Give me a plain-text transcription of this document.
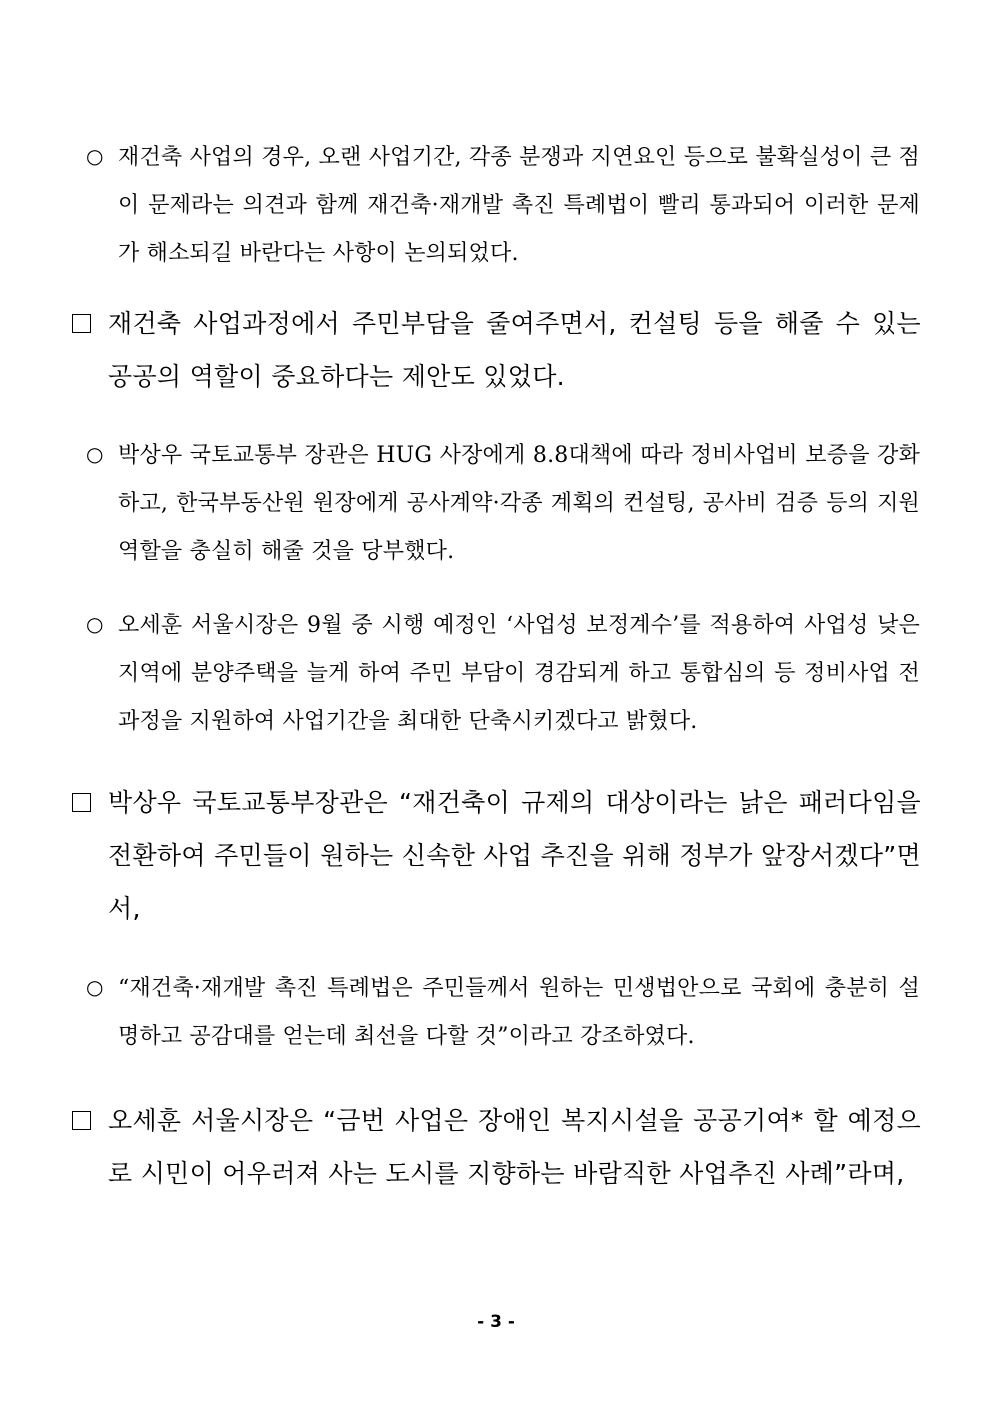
○ 재건축 사업의 경우, 오랜 사업기간, 각종 분쟁과 지연요인 등으로 불확실성이 큰 점이 문제라는 의견과 함께 재건축·재개발 촉진 특례법이 빨리 통과되어 이러한 문제가 해소되길 바란다는 사항이 논의되었다.
재건축 사업과정에서 주민부담을 줄여주면서, 컨설팅 등을 해줄 수 있는 공공의 역할이 중요하다는 제안도 있었다.
○ 박상우 국토교통부 장관은 HUG 사장에게 8.8대책에 따라 정비사업비 보증을 강화하고, 한국부동산원 원장에게 공사계약·각종 계획의 컨설팅, 공사비 검증 등의 지원 역할을 충실히 해줄 것을 당부했다.
○ 오세훈 서울시장은 9월 중 시행 예정인 ‘사업성 보정계수’를 적용하여 사업성 낮은 지역에 분양주택을 늘게 하여 주민 부담이 경감되게 하고 통합심의 등 정비사업 전 과정을 지원하여 사업기간을 최대한 단축시키겠다고 밝혔다.
박상우 국토교통부장관은 “재건축이 규제의 대상이라는 낡은 패러다임을 전환하여 주민들이 원하는 신속한 사업 추진을 위해 정부가 앞장서겠다”면서,
○ “재건축·재개발 촉진 특례법은 주민들께서 원하는 민생법안으로 국회에 충분히 설명하고 공감대를 얻는데 최선을 다할 것”이라고 강조하였다.
오세훈 서울시장은 “금번 사업은 장애인 복지시설을 공공기여* 할 예정으로 시민이 어우러져 사는 도시를 지향하는 바람직한 사업추진 사례”라며,
- 3 -
